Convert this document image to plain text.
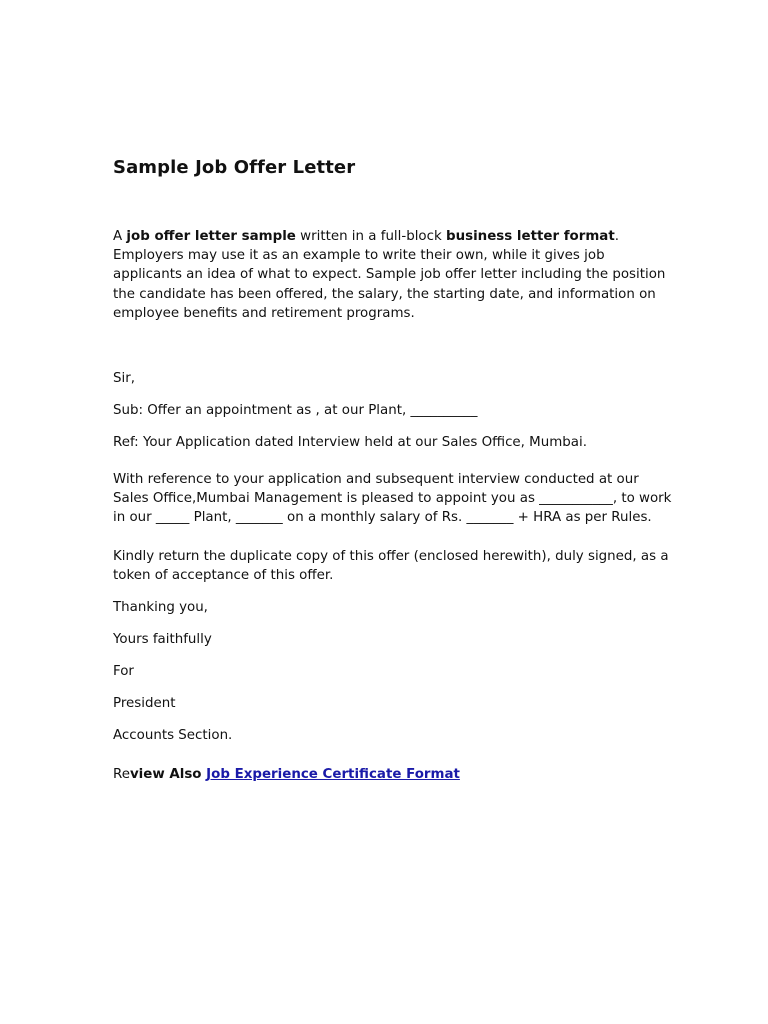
Sample Job Offer Letter

A job offer letter sample written in a full-block business letter format. Employers may use it as an example to write their own, while it gives job applicants an idea of what to expect. Sample job offer letter including the position the candidate has been offered, the salary, the starting date, and information on employee benefits and retirement programs.

Sir,

Sub: Offer an appointment as , at our Plant, __________

Ref: Your Application dated Interview held at our Sales Office, Mumbai.

With reference to your application and subsequent interview conducted at our Sales Office,Mumbai Management is pleased to appoint you as ___________, to work in our _____ Plant, _______ on a monthly salary of Rs. _______ + HRA as per Rules.

Kindly return the duplicate copy of this offer (enclosed herewith), duly signed, as a token of acceptance of this offer.

Thanking you,

Yours faithfully

For

President

Accounts Section.

Review Also Job Experience Certificate Format
